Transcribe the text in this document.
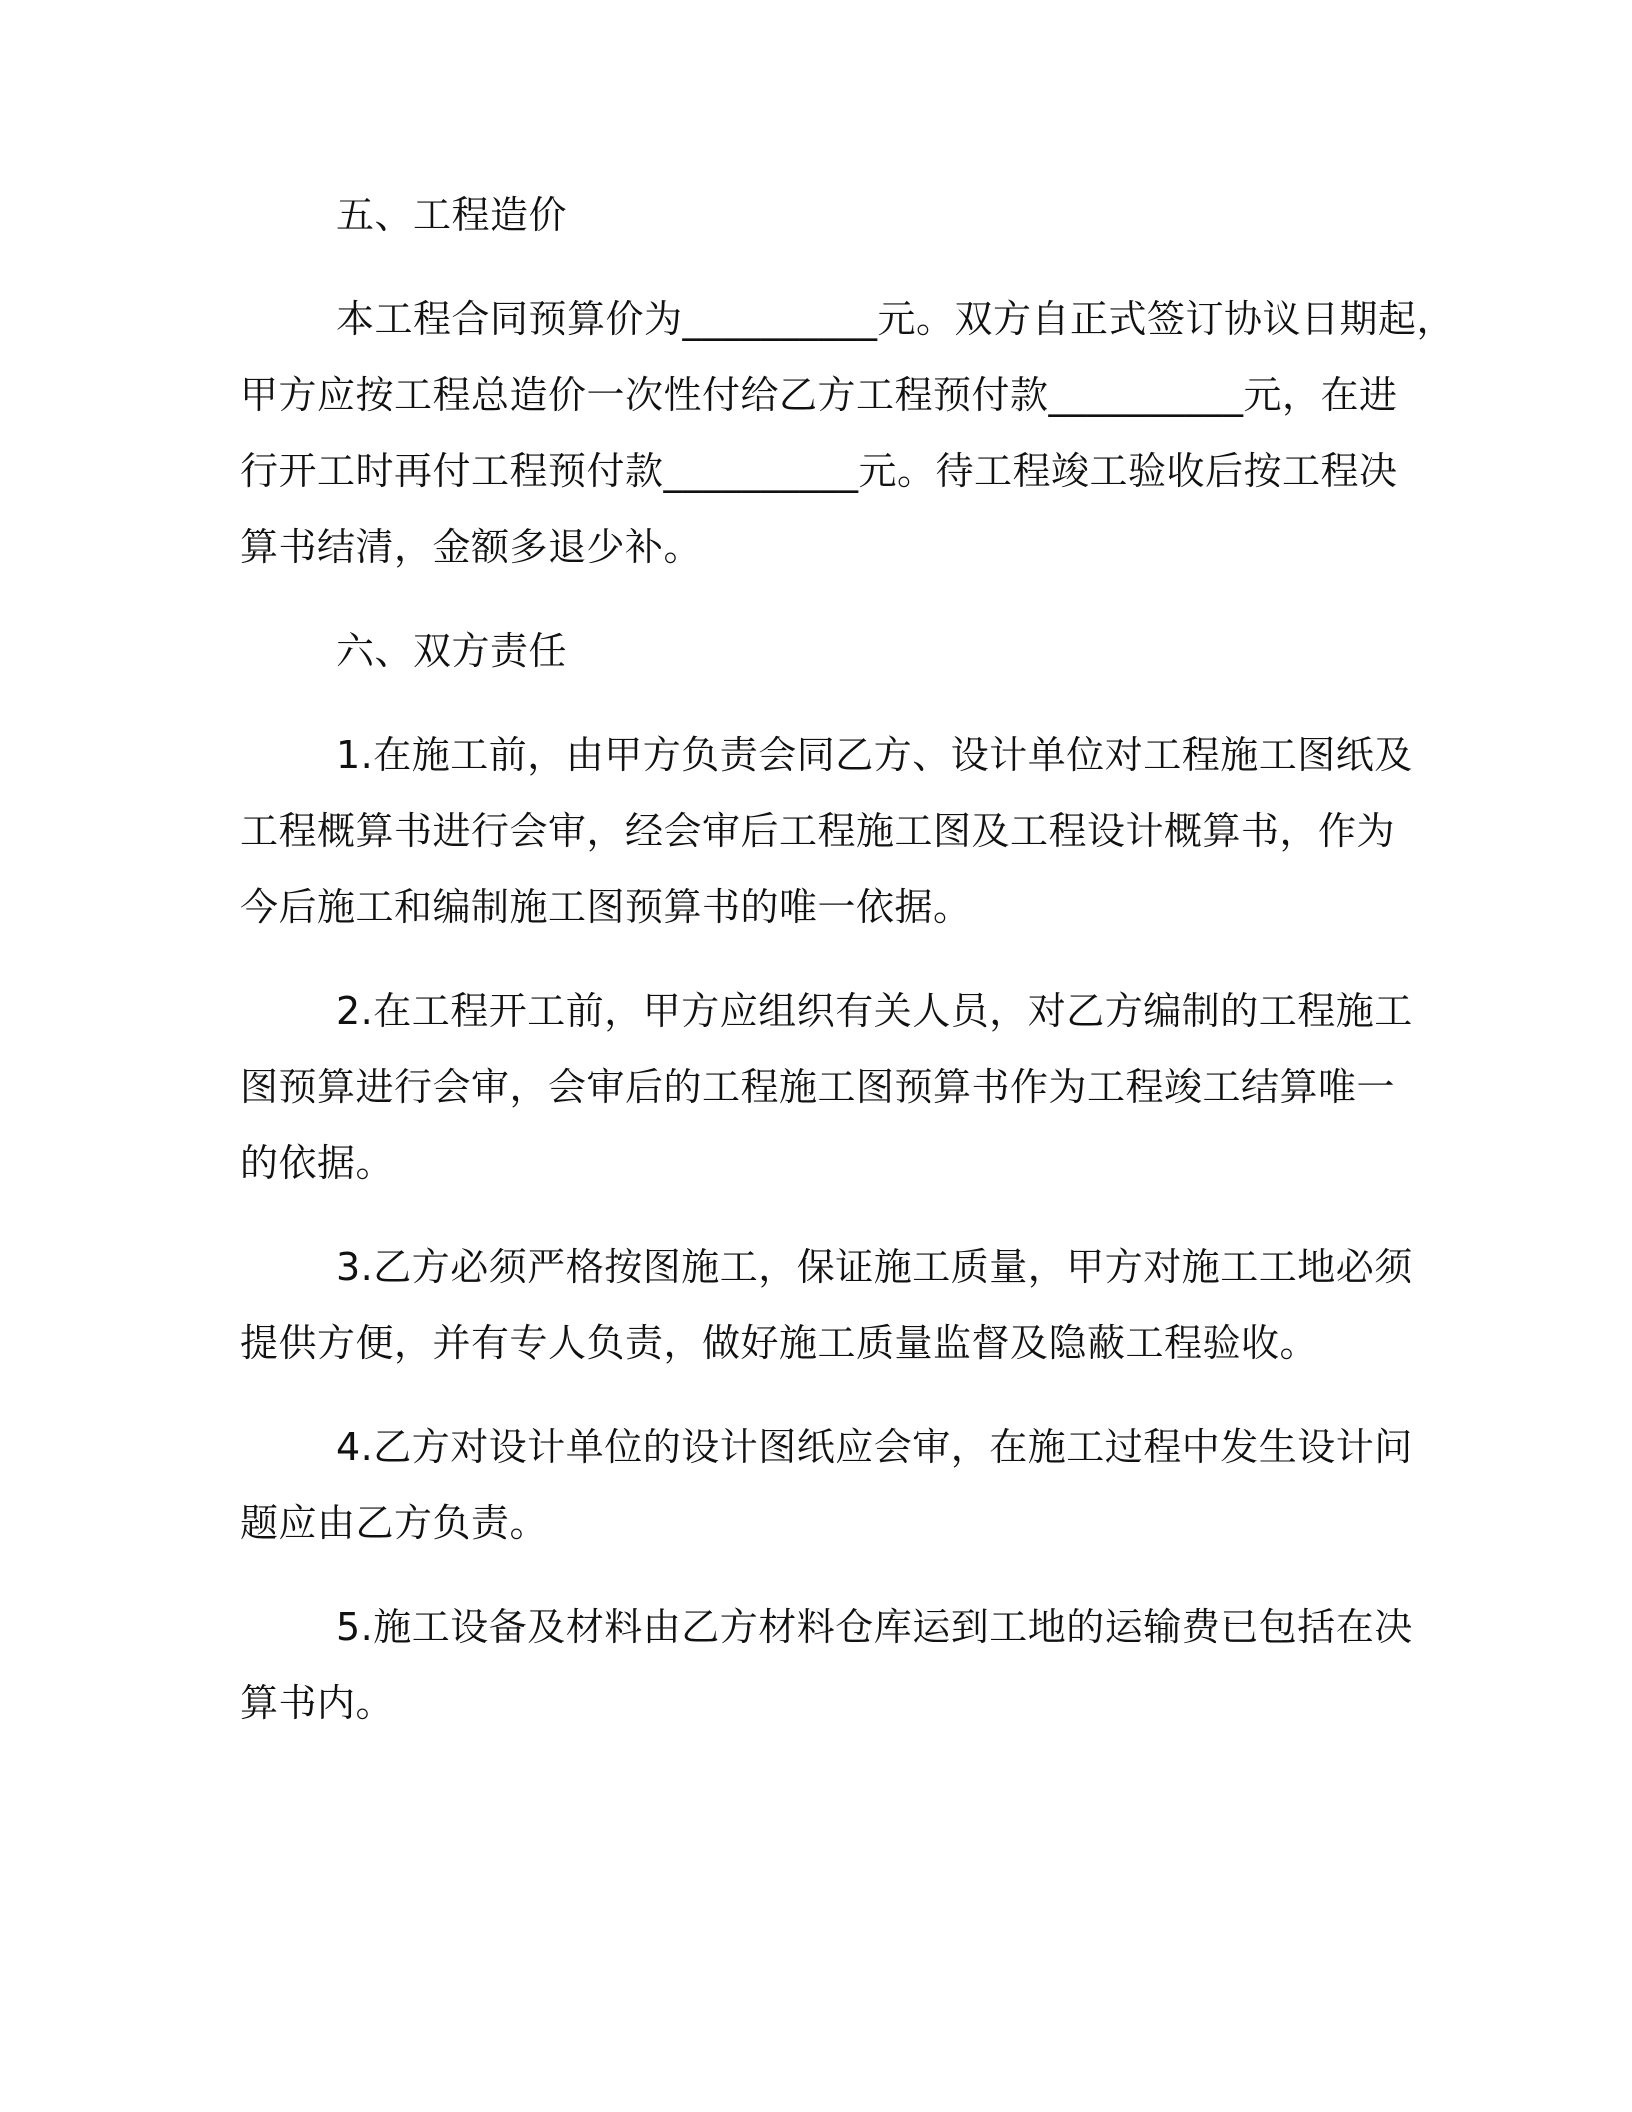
五、工程造价
本工程合同预算价为__________元。双方自正式签订协议日期起，
甲方应按工程总造价一次性付给乙方工程预付款__________元，在进
行开工时再付工程预付款__________元。待工程竣工验收后按工程决
算书结清，金额多退少补。
六、双方责任
1.在施工前，由甲方负责会同乙方、设计单位对工程施工图纸及
工程概算书进行会审，经会审后工程施工图及工程设计概算书，作为
今后施工和编制施工图预算书的唯一依据。
2.在工程开工前，甲方应组织有关人员，对乙方编制的工程施工
图预算进行会审，会审后的工程施工图预算书作为工程竣工结算唯一
的依据。
3.乙方必须严格按图施工，保证施工质量，甲方对施工工地必须
提供方便，并有专人负责，做好施工质量监督及隐蔽工程验收。
4.乙方对设计单位的设计图纸应会审，在施工过程中发生设计问
题应由乙方负责。
5.施工设备及材料由乙方材料仓库运到工地的运输费已包括在决
算书内。
